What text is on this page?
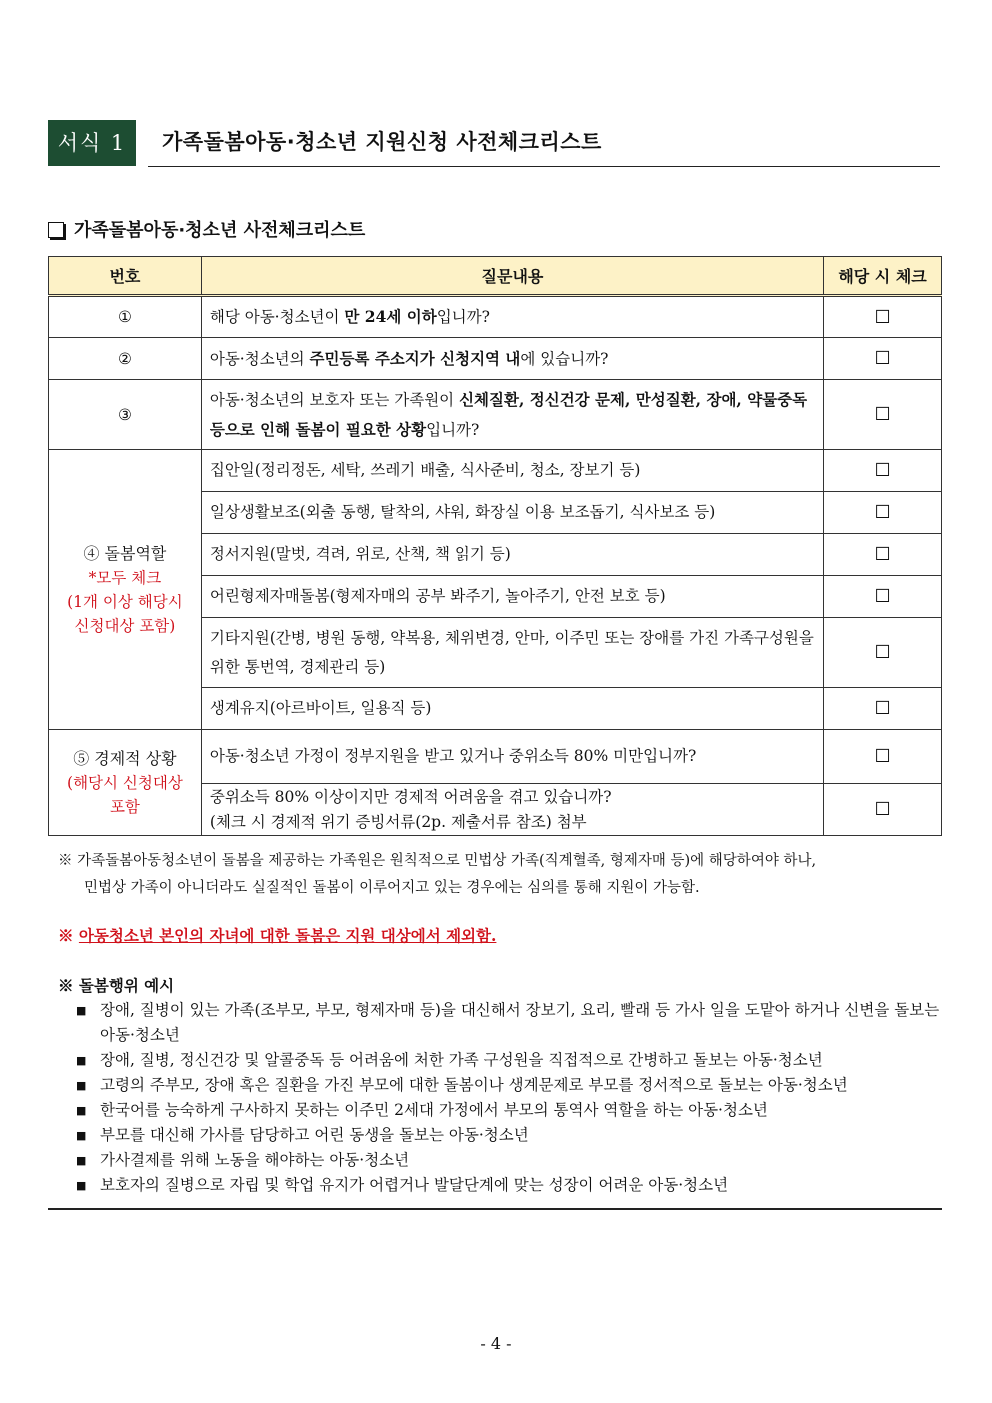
서식 1	가족돌봄아동·청소년 지원신청 사전체크리스트
가족돌봄아동·청소년 사전체크리스트
번호	질문내용	해당 시 체크
①	해당 아동·청소년이 만 24세 이하입니까?	☐
②	아동·청소년의 주민등록 주소지가 신청지역 내에 있습니까?	☐
③	아동·청소년의 보호자 또는 가족원이 신체질환, 정신건강 문제, 만성질환, 장애, 약물중독 등으로 인해 돌봄이 필요한 상황입니까?	☐

④ 돌봄역할
*모두 체크
(1개 이상 해당시
신청대상 포함)	집안일(정리정돈, 세탁, 쓰레기 배출, 식사준비, 청소, 장보기 등)	☐
	일상생활보조(외출 동행, 탈착의, 샤워, 화장실 이용 보조돕기, 식사보조 등)	☐
	정서지원(말벗, 격려, 위로, 산책, 책 읽기 등)	☐
	어린형제자매돌봄(형제자매의 공부 봐주기, 놀아주기, 안전 보호 등)	☐
	기타지원(간병, 병원 동행, 약복용, 체위변경, 안마, 이주민 또는 장애를 가진 가족구성원을 위한 통번역, 경제관리 등)	☐
	생계유지(아르바이트, 일용직 등)	☐

⑤ 경제적 상황
(해당시 신청대상
포함	아동·청소년 가정이 정부지원을 받고 있거나 중위소득 80% 미만입니까?	☐

	중위소득 80% 이상이지만 경제적 어려움을 겪고 있습니까?
(체크 시 경제적 위기 증빙서류(2p. 제출서류 참조) 첨부	☐
※ 가족돌봄아동청소년이 돌봄을 제공하는 가족원은 원칙적으로 민법상 가족(직계혈족, 형제자매 등)에 해당하여야 하나,
민법상 가족이 아니더라도 실질적인 돌봄이 이루어지고 있는 경우에는 심의를 통해 지원이 가능함.
※ 아동청소년 본인의 자녀에 대한 돌봄은 지원 대상에서 제외함.
※ 돌봄행위 예시
■ 장애, 질병이 있는 가족(조부모, 부모, 형제자매 등)을 대신해서 장보기, 요리, 빨래 등 가사 일을 도맡아 하거나 신변을 돌보는 아동·청소년
■ 장애, 질병, 정신건강 및 알콜중독 등 어려움에 처한 가족 구성원을 직접적으로 간병하고 돌보는 아동·청소년
■ 고령의 주부모, 장애 혹은 질환을 가진 부모에 대한 돌봄이나 생계문제로 부모를 정서적으로 돌보는 아동·청소년
■ 한국어를 능숙하게 구사하지 못하는 이주민 2세대 가정에서 부모의 통역사 역할을 하는 아동·청소년
■ 부모를 대신해 가사를 담당하고 어린 동생을 돌보는 아동·청소년
■ 가사결제를 위해 노동을 해야하는 아동·청소년
■ 보호자의 질병으로 자립 및 학업 유지가 어렵거나 발달단계에 맞는 성장이 어려운 아동·청소년
- 4 -
